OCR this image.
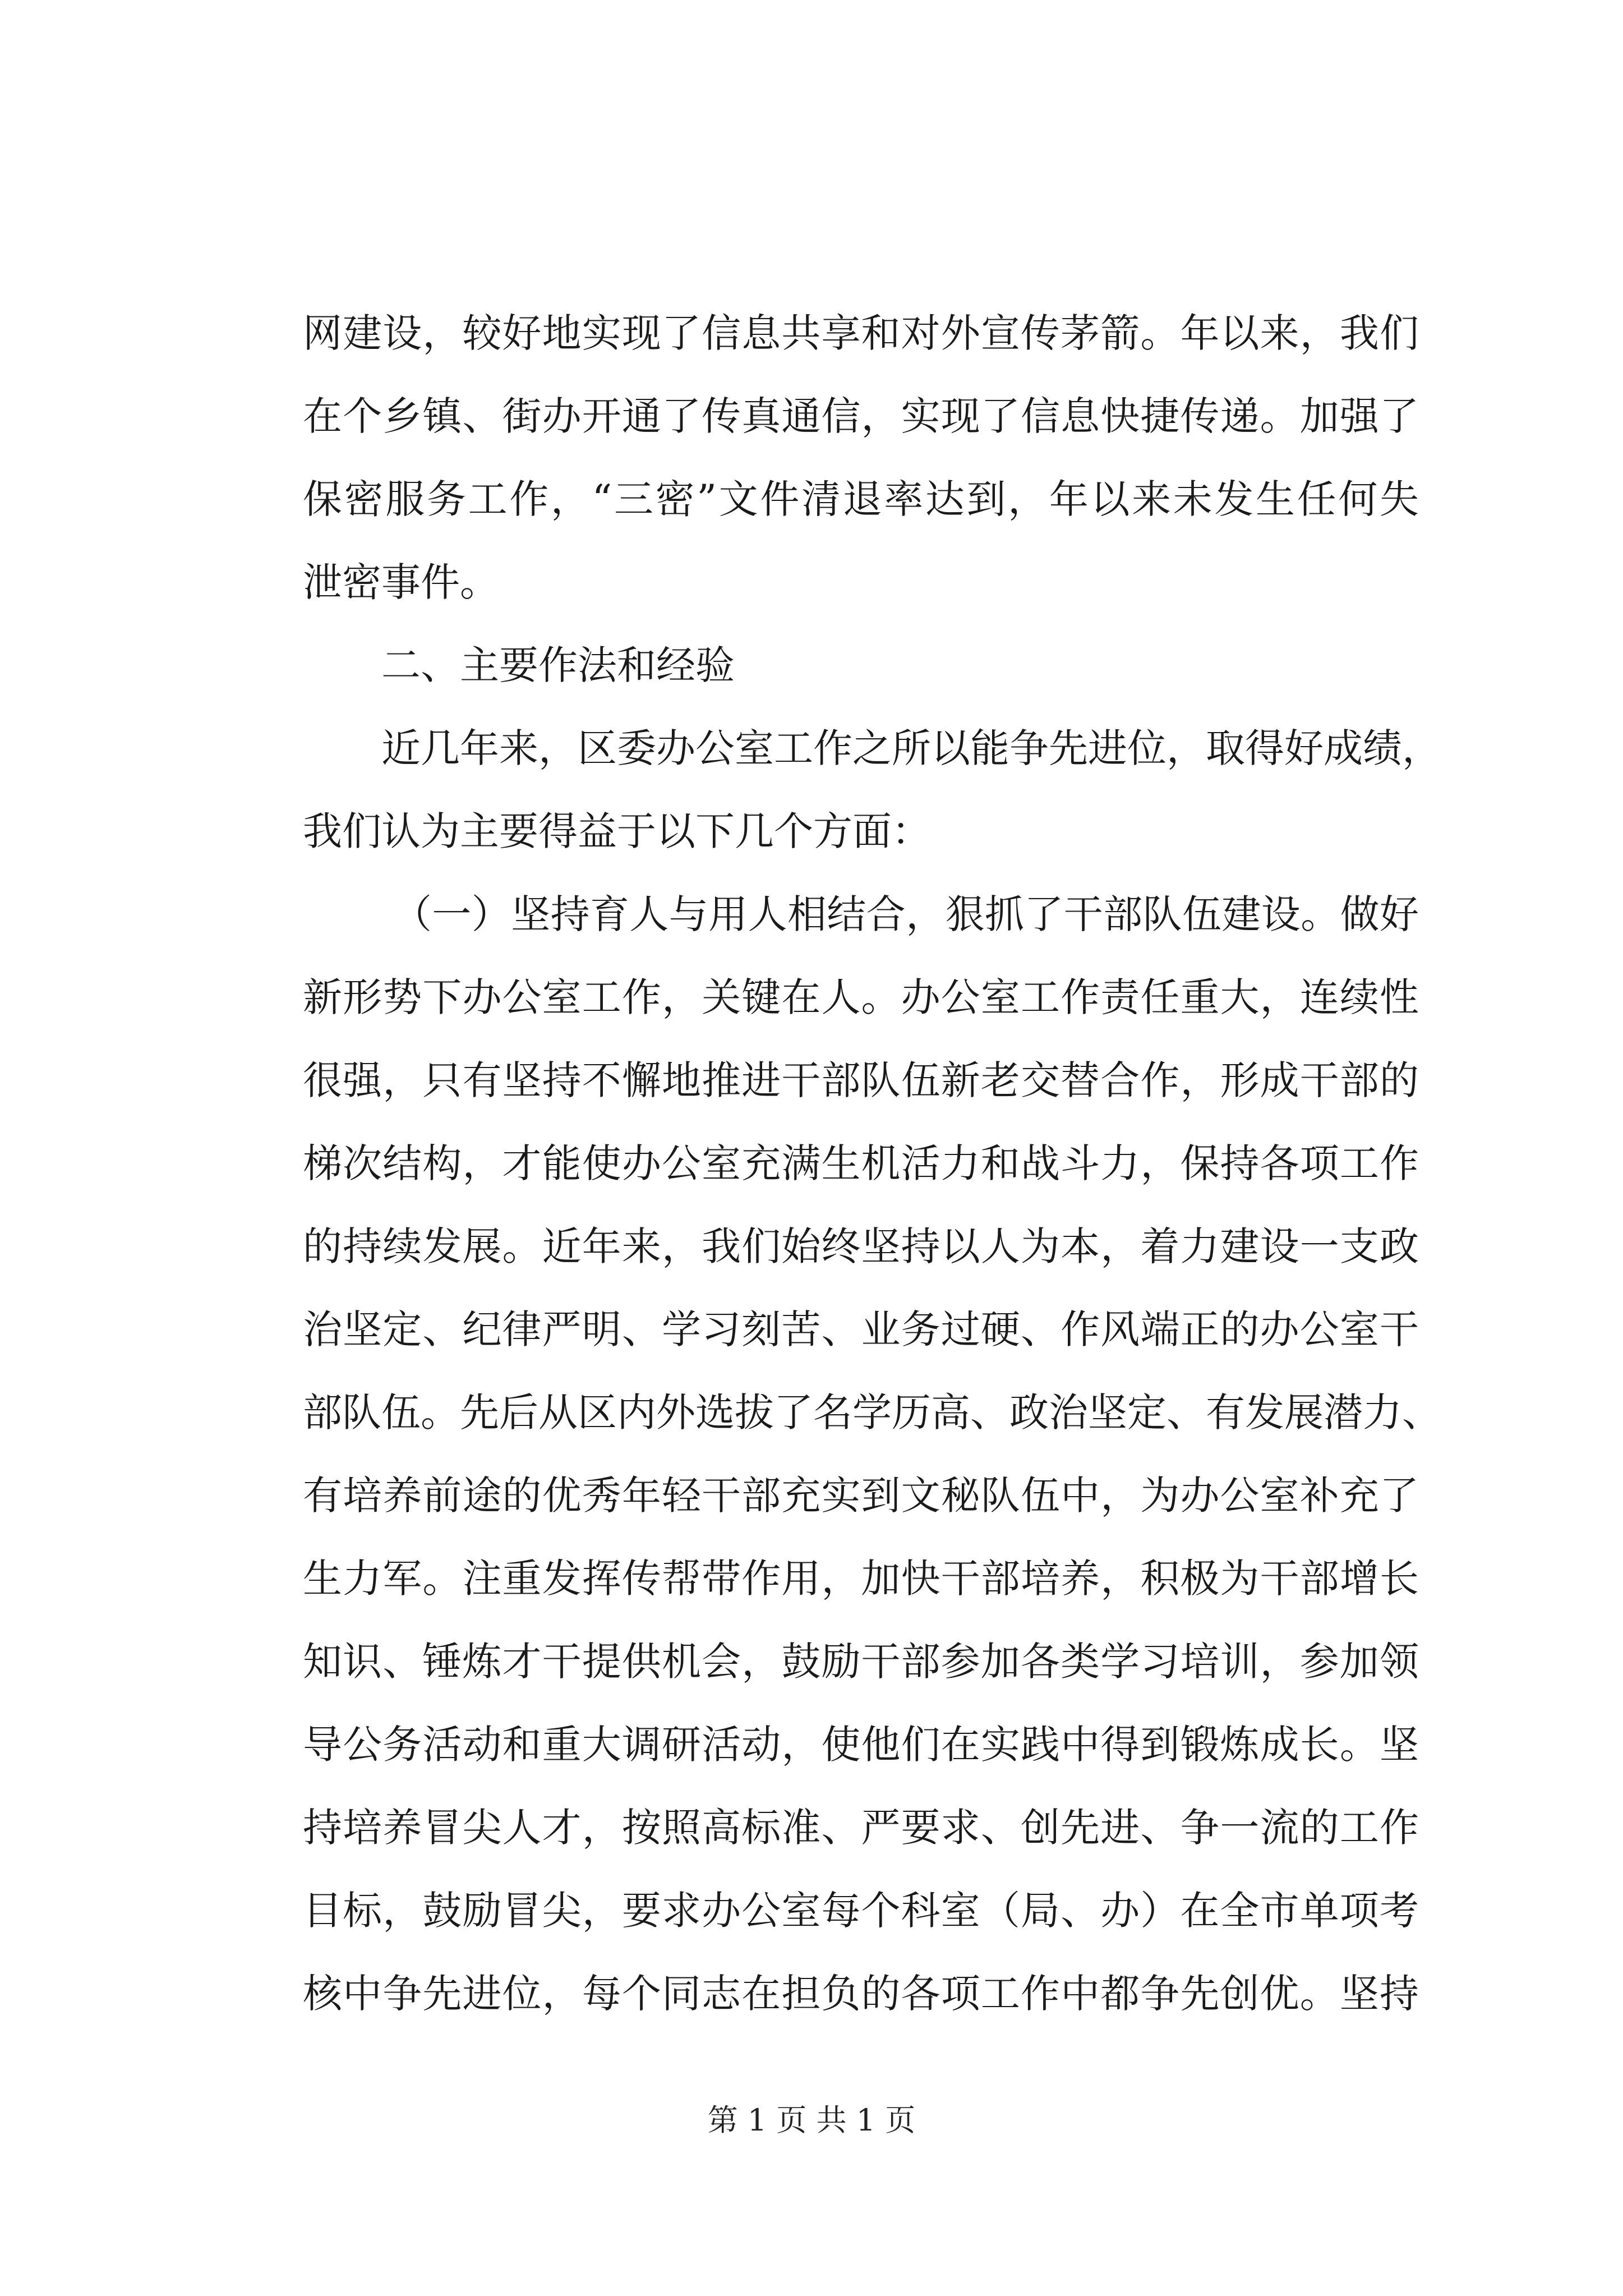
网建设，较好地实现了信息共享和对外宣传茅箭。年以来，我们
在个乡镇、街办开通了传真通信，实现了信息快捷传递。加强了
保密服务工作，“三密”文件清退率达到，年以来未发生任何失
泄密事件。
二、主要作法和经验
近几年来，区委办公室工作之所以能争先进位，取得好成绩，
我们认为主要得益于以下几个方面：
（一）坚持育人与用人相结合，狠抓了干部队伍建设。做好
新形势下办公室工作，关键在人。办公室工作责任重大，连续性
很强，只有坚持不懈地推进干部队伍新老交替合作，形成干部的
梯次结构，才能使办公室充满生机活力和战斗力，保持各项工作
的持续发展。近年来，我们始终坚持以人为本，着力建设一支政
治坚定、纪律严明、学习刻苦、业务过硬、作风端正的办公室干
部队伍。先后从区内外选拔了名学历高、政治坚定、有发展潜力、
有培养前途的优秀年轻干部充实到文秘队伍中，为办公室补充了
生力军。注重发挥传帮带作用，加快干部培养，积极为干部增长
知识、锤炼才干提供机会，鼓励干部参加各类学习培训，参加领
导公务活动和重大调研活动，使他们在实践中得到锻炼成长。坚
持培养冒尖人才，按照高标准、严要求、创先进、争一流的工作
目标，鼓励冒尖，要求办公室每个科室（局、办）在全市单项考
核中争先进位，每个同志在担负的各项工作中都争先创优。坚持
第 1 页 共 1 页
